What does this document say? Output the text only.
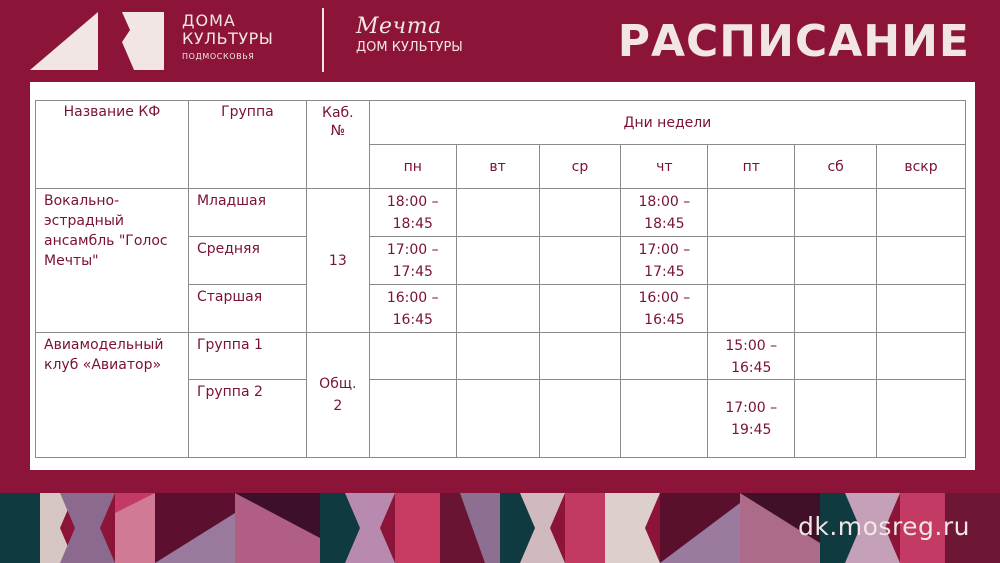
ДОМА
КУЛЬТУРЫ
ПОДМОСКОВЬЯ
Мечта
ДОМ КУЛЬТУРЫ	РАСПИСАНИЕ
Название КФ	Группа	Каб. №	Дни недели						
			пн	вт	ср	чт	пт	сб	вскр
Вокально-эстрадный ансамбль "Голос Мечты"	Младшая	13	18:00 – 18:45			18:00 – 18:45			
	Средняя		17:00 – 17:45			17:00 – 17:45			
	Старшая		16:00 – 16:45			16:00 – 16:45			
Авиамодельный клуб «Авиатор»	Группа 1	Общ. 2					15:00 – 16:45		
	Группа 2						17:00 – 19:45		
dk.mosreg.ru
